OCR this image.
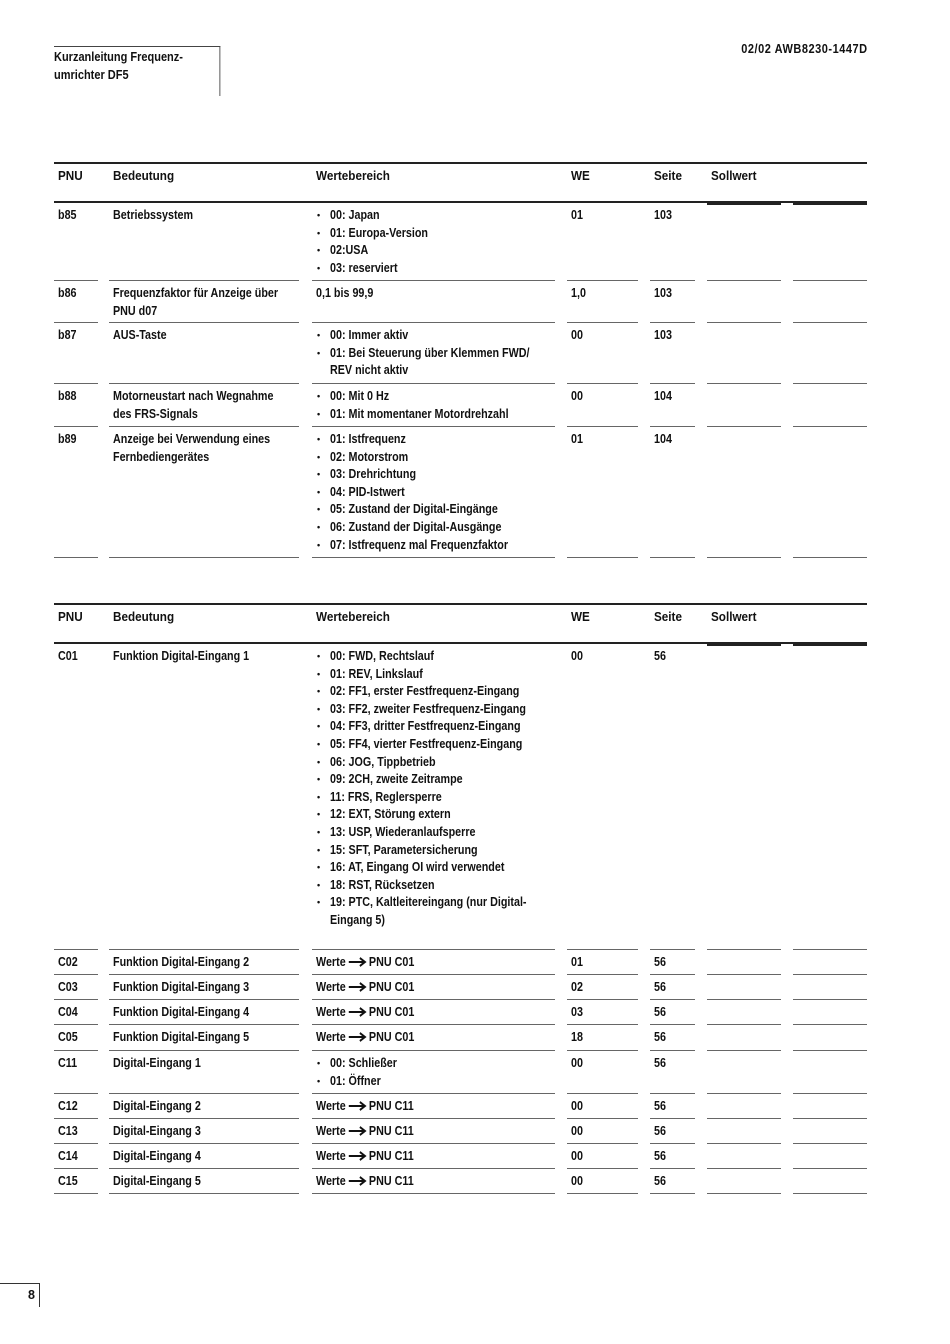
Kurzanleitung Frequenz-
umrichter DF5
02/02 AWB8230-1447D
PNU Bedeutung	Wertebereich	WE	Seite Sollwert
b85	Betriebssystem	• 00: Japan
• 01: Europa-Version
• 02:USA
• 03: reserviert
01	103
b86	Frequenzfaktor für Anzeige über
PNU d07
0,1 bis 99,9	1,0	103
b87	AUS-Taste	• 00: Immer aktiv
• 01: Bei Steuerung über Klemmen FWD/
REV nicht aktiv
00	103
b88	Motorneustart nach Wegnahme
des FRS-Signals
• 00: Mit 0 Hz
• 01: Mit momentaner Motordrehzahl
00	104
b89	Anzeige bei Verwendung eines
Fernbediengerätes
• 01: Istfrequenz
• 02: Motorstrom
• 03: Drehrichtung
• 04: PID-Istwert
• 05: Zustand der Digital-Eingänge
• 06: Zustand der Digital-Ausgänge
• 07: Istfrequenz mal Frequenzfaktor
01	104
PNU Bedeutung	Wertebereich	WE	Seite Sollwert
C01	Funktion Digital-Eingang 1	• 00: FWD, Rechtslauf
• 01: REV, Linkslauf
• 02: FF1, erster Festfrequenz-Eingang
• 03: FF2, zweiter Festfrequenz-Eingang
• 04: FF3, dritter Festfrequenz-Eingang
• 05: FF4, vierter Festfrequenz-Eingang
• 06: JOG, Tippbetrieb
• 09: 2CH, zweite Zeitrampe
• 11: FRS, Reglersperre
• 12: EXT, Störung extern
• 13: USP, Wiederanlaufsperre
• 15: SFT, Parametersicherung
• 16: AT, Eingang OI wird verwendet
• 18: RST, Rücksetzen
• 19: PTC, Kaltleitereingang (nur Digital-
Eingang 5)
00	56
C02	Funktion Digital-Eingang 2	Werte PNU C01	01	56
C03	Funktion Digital-Eingang 3	Werte PNU C01	02	56
C04	Funktion Digital-Eingang 4	Werte PNU C01	03	56
C05	Funktion Digital-Eingang 5	Werte PNU C01	18	56
C11	Digital-Eingang 1	• 00: Schließer
• 01: Öffner
00	56
C12	Digital-Eingang 2	Werte PNU C11	00	56
C13	Digital-Eingang 3	Werte PNU C11	00	56
C14	Digital-Eingang 4	Werte PNU C11	00	56
C15	Digital-Eingang 5	Werte PNU C11	00	56
8
